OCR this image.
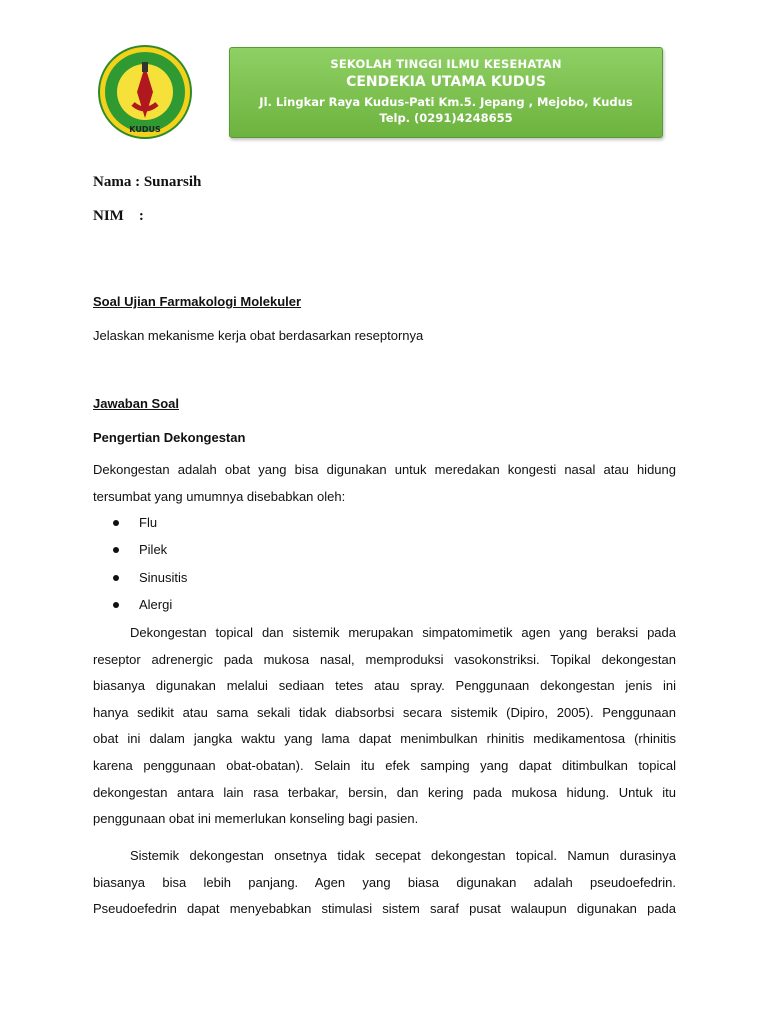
KUDUS
SEKOLAH TINGGI ILMU KESEHATAN
CENDEKIA UTAMA KUDUS
Jl. Lingkar Raya Kudus-Pati Km.5. Jepang , Mejobo, Kudus Telp. (0291)4248655
Nama : Sunarsih
NIM    :
Soal Ujian Farmakologi Molekuler
Jelaskan mekanisme kerja obat berdasarkan reseptornya
Jawaban Soal
Pengertian Dekongestan
Dekongestan adalah obat yang bisa digunakan untuk meredakan kongesti nasal atau hidung
tersumbat yang umumnya disebabkan oleh:
Flu
Pilek
Sinusitis
Alergi
Dekongestan topical dan sistemik merupakan simpatomimetik agen yang beraksi pada
reseptor adrenergic pada mukosa nasal, memproduksi vasokonstriksi. Topikal dekongestan
biasanya digunakan melalui sediaan tetes atau spray. Penggunaan dekongestan jenis ini
hanya sedikit atau sama sekali tidak diabsorbsi secara sistemik (Dipiro, 2005). Penggunaan
obat ini dalam jangka waktu yang lama dapat menimbulkan rhinitis medikamentosa (rhinitis
karena penggunaan obat-obatan). Selain itu efek samping yang dapat ditimbulkan topical
dekongestan antara lain rasa terbakar, bersin, dan kering pada mukosa hidung. Untuk itu
penggunaan obat ini memerlukan konseling bagi pasien.
Sistemik dekongestan onsetnya tidak secepat dekongestan topical. Namun durasinya
biasanya bisa lebih panjang. Agen yang biasa digunakan adalah pseudoefedrin.
Pseudoefedrin dapat menyebabkan stimulasi sistem saraf pusat walaupun digunakan pada
